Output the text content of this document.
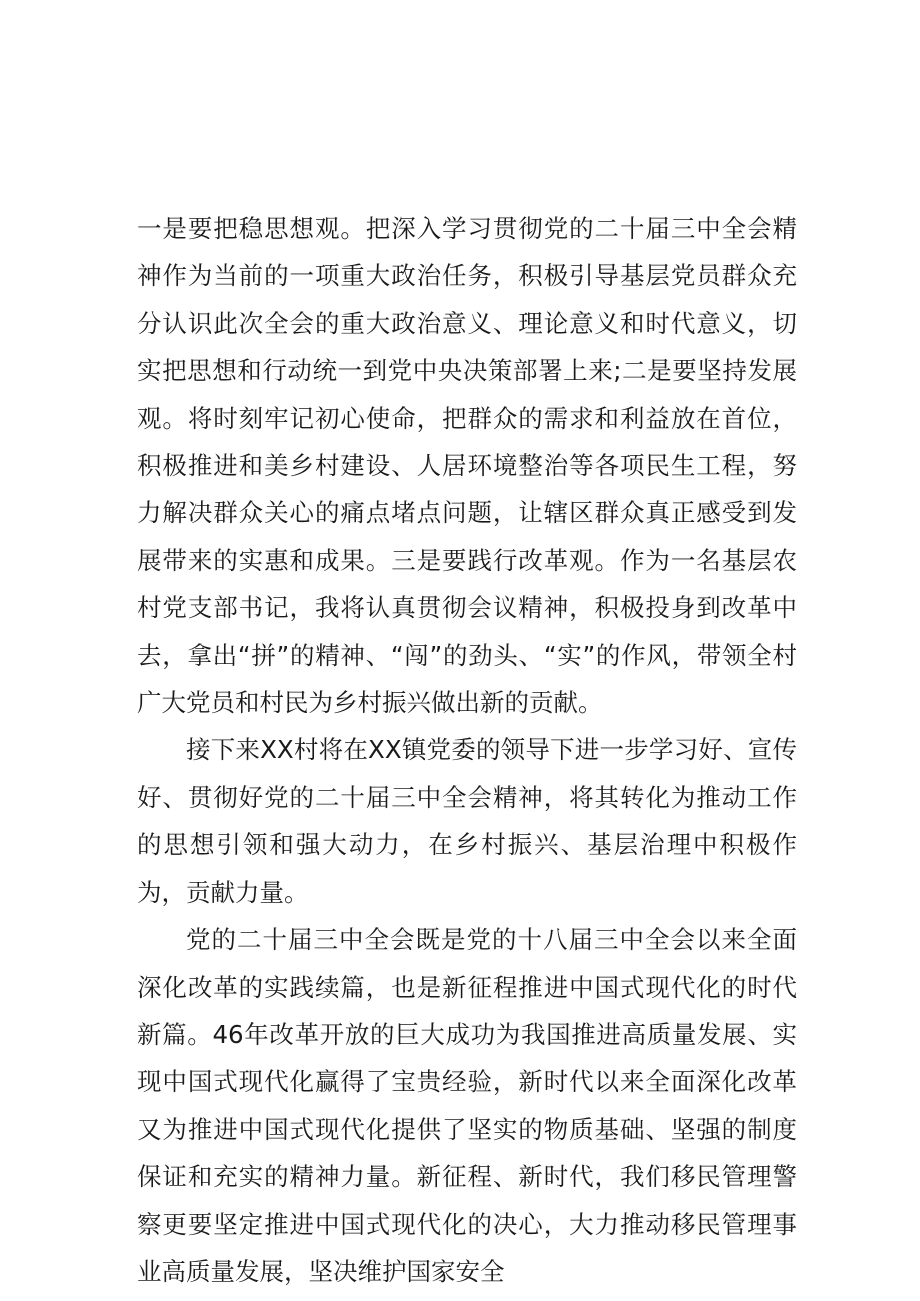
一是要把稳思想观。把深入学习贯彻党的二十届三中全会精神作为当前的一项重大政治任务，积极引导基层党员群众充分认识此次全会的重大政治意义、理论意义和时代意义，切实把思想和行动统一到党中央决策部署上来;二是要坚持发展观。将时刻牢记初心使命，把群众的需求和利益放在首位，积极推进和美乡村建设、人居环境整治等各项民生工程，努力解决群众关心的痛点堵点问题，让辖区群众真正感受到发展带来的实惠和成果。三是要践行改革观。作为一名基层农村党支部书记，我将认真贯彻会议精神，积极投身到改革中去，拿出“拼”的精神、“闯”的劲头、“实”的作风，带领全村广大党员和村民为乡村振兴做出新的贡献。

接下来XX村将在XX镇党委的领导下进一步学习好、宣传好、贯彻好党的二十届三中全会精神，将其转化为推动工作的思想引领和强大动力，在乡村振兴、基层治理中积极作为，贡献力量。

党的二十届三中全会既是党的十八届三中全会以来全面深化改革的实践续篇，也是新征程推进中国式现代化的时代新篇。46年改革开放的巨大成功为我国推进高质量发展、实现中国式现代化赢得了宝贵经验，新时代以来全面深化改革又为推进中国式现代化提供了坚实的物质基础、坚强的制度保证和充实的精神力量。新征程、新时代，我们移民管理警察更要坚定推进中国式现代化的决心，大力推动移民管理事业高质量发展，坚决维护国家安全
